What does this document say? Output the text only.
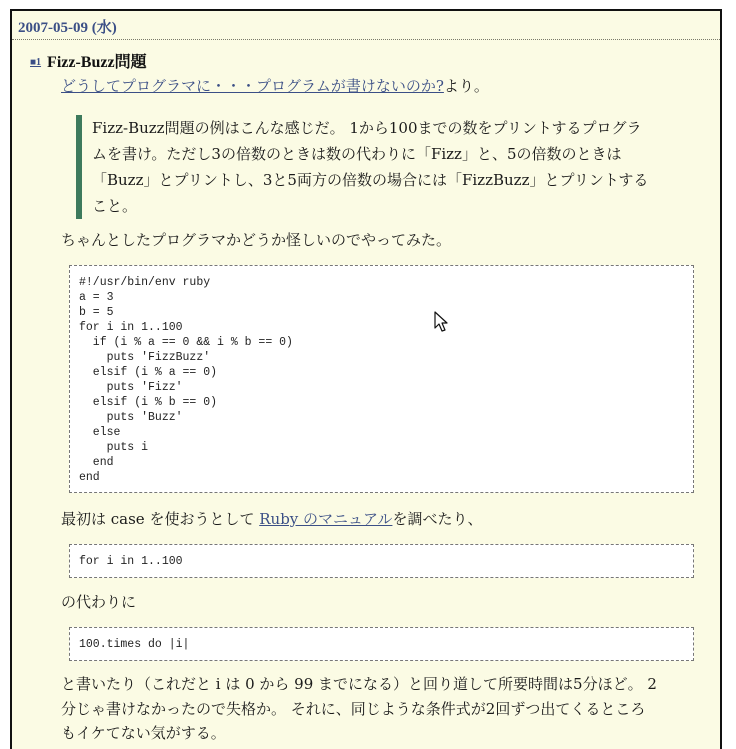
2007-05-09 (水)
■1 Fizz-Buzz問題
どうしてプログラマに・・・プログラムが書けないのか?より。
Fizz-Buzz問題の例はこんな感じだ。 1から100までの数をプリントするプログラ
ムを書け。ただし3の倍数のときは数の代わりに「Fizz」と、5の倍数のときは
「Buzz」とプリントし、3と5両方の倍数の場合には「FizzBuzz」とプリントする
こと。
ちゃんとしたプログラマかどうか怪しいのでやってみた。
#!/usr/bin/env ruby
a = 3
b = 5
for i in 1..100
if (i % a == 0 && i % b == 0)
puts 'FizzBuzz'
elsif (i % a == 0)
puts 'Fizz'
elsif (i % b == 0)
puts 'Buzz'
else
puts i
end
end
最初は case を使おうとして Ruby のマニュアルを調べたり、
for i in 1..100
の代わりに
100.times do |i|
と書いたり（これだと i は 0 から 99 までになる）と回り道して所要時間は5分ほど。 2
分じゃ書けなかったので失格か。 それに、同じような条件式が2回ずつ出てくるところ
もイケてない気がする。
